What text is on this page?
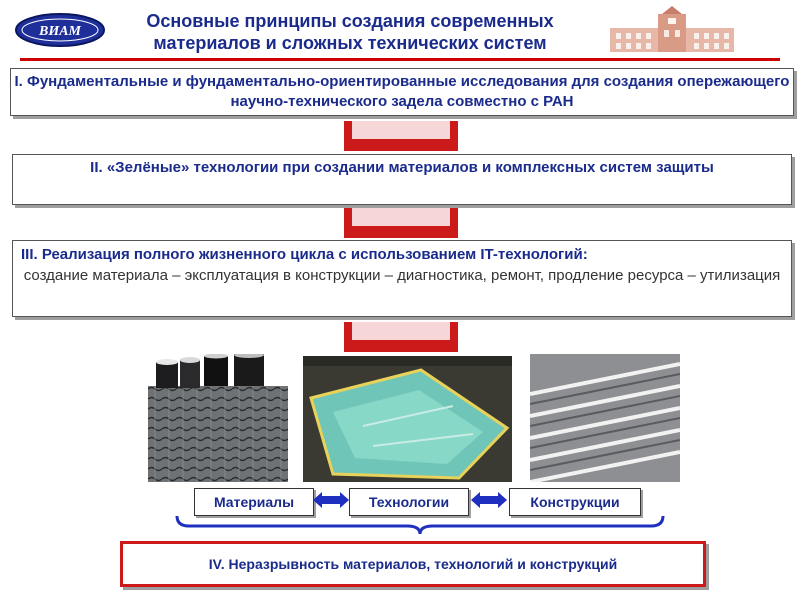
ВИАМ
Основные принципы создания современных материалов и сложных технических систем
I. Фундаментальные и фундаментально-ориентированные исследования для создания опережающего научно-технического задела совместно с РАН
II. «Зелёные» технологии при создании материалов и комплексных систем защиты
III. Реализация полного жизненного цикла с использованием IT-технологий:
создание материала – эксплуатация в конструкции – диагностика, ремонт, продление ресурса – утилизация
Материалы	Технологии	Конструкции
IV. Неразрывность материалов, технологий и конструкций
